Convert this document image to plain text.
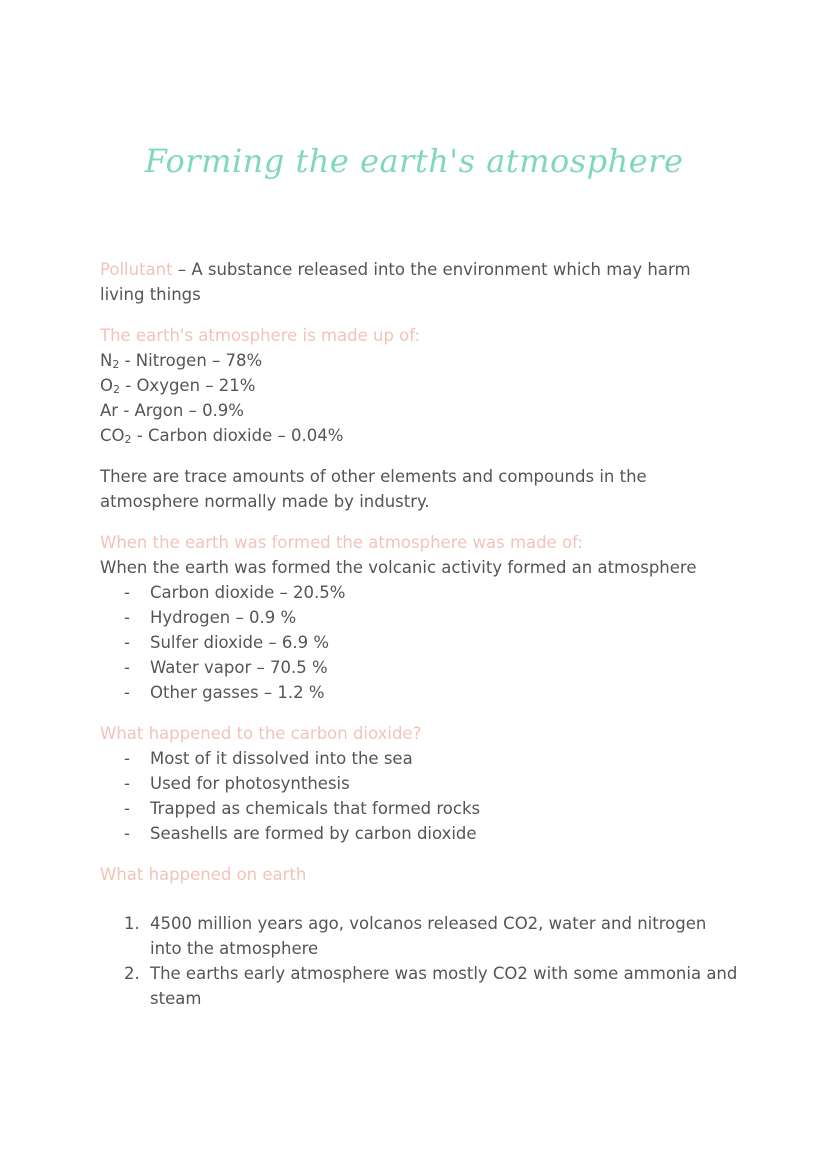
Forming the earth's atmosphere

Pollutant – A substance released into the environment which may harm living things

The earth's atmosphere is made up of:

$N_2$ - Nitrogen – 78%

$O_2$ - Oxygen – 21%

Ar - Argon – 0.9%

$CO_2$ - Carbon dioxide – 0.04%

There are trace amounts of other elements and compounds in the atmosphere normally made by industry.

When the earth was formed the atmosphere was made of:

When the earth was formed the volcanic activity formed an atmosphere

- Carbon dioxide – 20.5%
- Hydrogen – 0.9 %
- Sulfer dioxide – 6.9 %
- Water vapor – 70.5 %
- Other gasses – 1.2 %

What happened to the carbon dioxide?

- Most of it dissolved into the sea
- Used for photosynthesis
- Trapped as chemicals that formed rocks
- Seashells are formed by carbon dioxide

What happened on earth

1. 4500 million years ago, volcanos released CO2, water and nitrogen into the atmosphere
2. The earths early atmosphere was mostly CO2 with some ammonia and steam
